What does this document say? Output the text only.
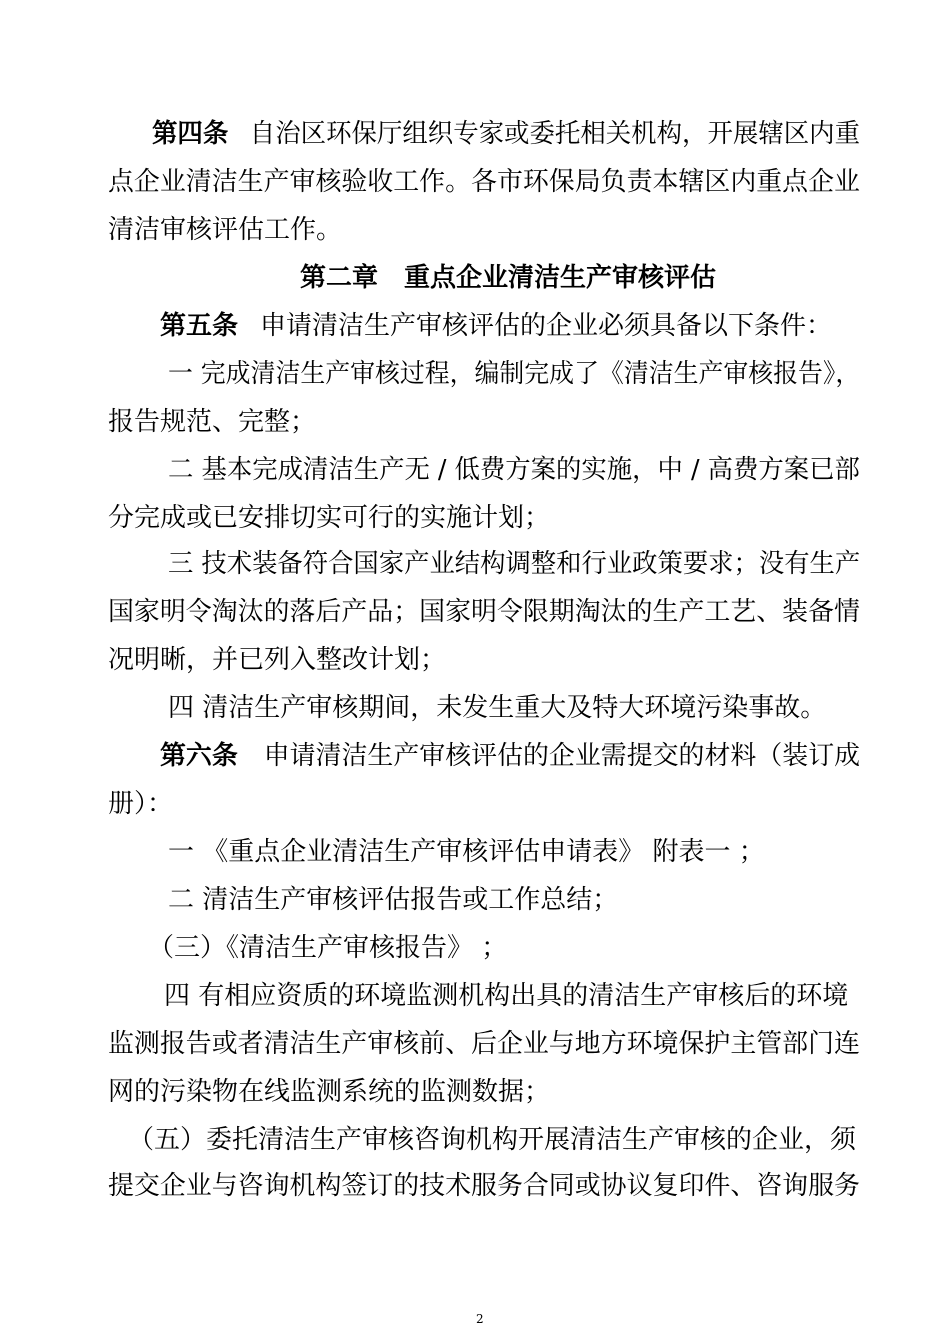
第四条 自治区环保厅组织专家或委托相关机构，开展辖区内重
点企业清洁生产审核验收工作。各市环保局负责本辖区内重点企业
清洁审核评估工作。
第二章 重点企业清洁生产审核评估
第五条 申请清洁生产审核评估的企业必须具备以下条件：
一 完成清洁生产审核过程，编制完成了《清洁生产审核报告》，
报告规范、完整；
二 基本完成清洁生产无 / 低费方案的实施，中 / 高费方案已部
分完成或已安排切实可行的实施计划；
三 技术装备符合国家产业结构调整和行业政策要求；没有生产
国家明令淘汰的落后产品；国家明令限期淘汰的生产工艺、装备情
况明晰，并已列入整改计划；
四 清洁生产审核期间，未发生重大及特大环境污染事故。
第六条 申请清洁生产审核评估的企业需提交的材料（装订成
册）：
一 《重点企业清洁生产审核评估申请表》 附表一 ；
二 清洁生产审核评估报告或工作总结；
（三）《清洁生产审核报告》 ；
四 有相应资质的环境监测机构出具的清洁生产审核后的环境
监测报告或者清洁生产审核前、后企业与地方环境保护主管部门连
网的污染物在线监测系统的监测数据；
（五）委托清洁生产审核咨询机构开展清洁生产审核的企业，须
提交企业与咨询机构签订的技术服务合同或协议复印件、咨询服务
2
